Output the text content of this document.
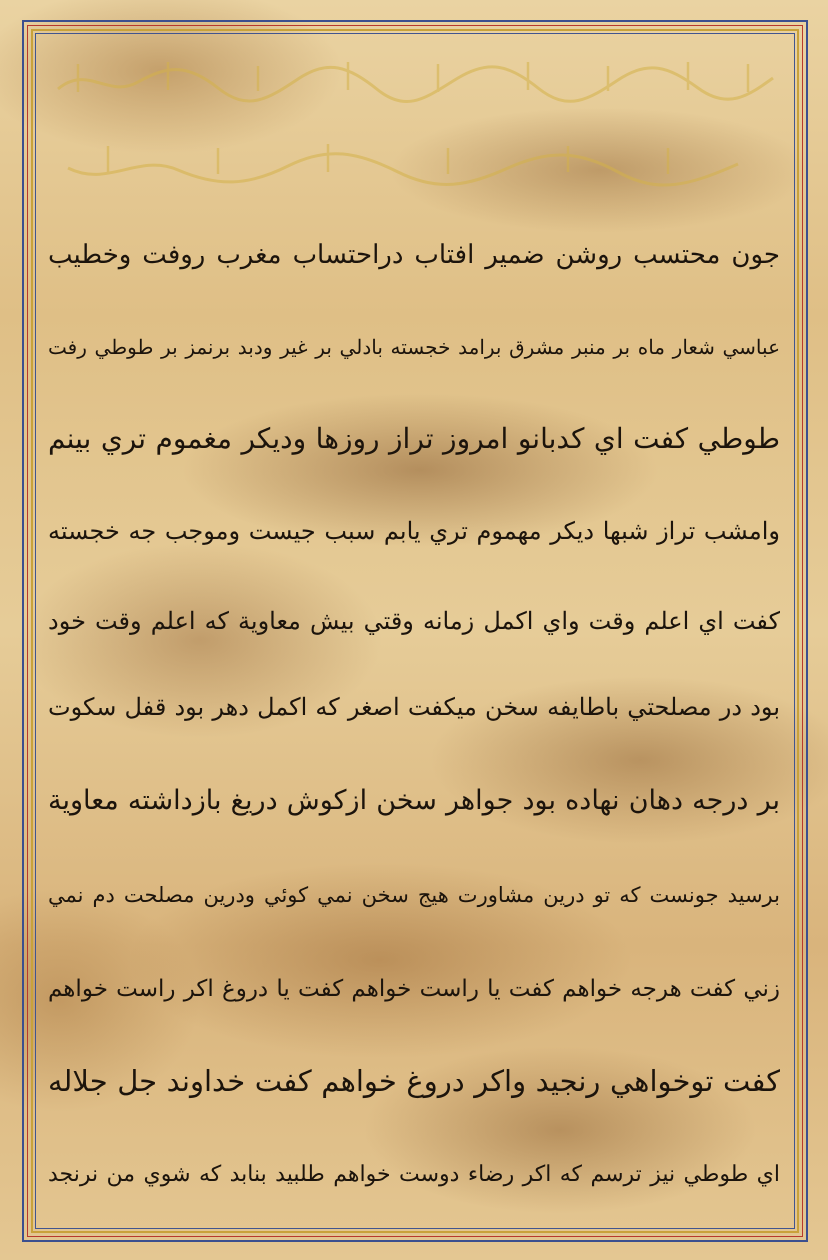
جون محتسب روشن ضمير افتاب دراحتساب مغرب روفت وخطيب
عباسي شعار ماه بر منبر مشرق برامد خجسته بادلي بر غير ودبد برنمز بر طوطي رفت
طوطي كفت اي كدبانو امروز تراز روزها وديكر مغموم تري بينم
وامشب تراز شبها ديكر مهموم تري يابم سبب جيست وموجب جه خجسته
كفت اي اعلم وقت واي اكمل زمانه وقتي بيش معاوية كه اعلم وقت خود
بود در مصلحتي باطايفه سخن ميكفت اصغر كه اكمل دهر بود قفل سكوت
بر درجه دهان نهاده بود جواهر سخن ازكوش دريغ بازداشته معاوية
برسيد جونست كه تو درين مشاورت هيج سخن نمي كوئي ودرين مصلحت دم نمي
زني كفت هرجه خواهم كفت يا راست خواهم كفت يا دروغ اكر راست خواهم
كفت توخواهي رنجيد واكر دروغ خواهم كفت خداوند جل جلاله
اي طوطي نيز ترسم كه اكر رضاء دوست خواهم طلبيد بنابد كه شوي من نرنجد
